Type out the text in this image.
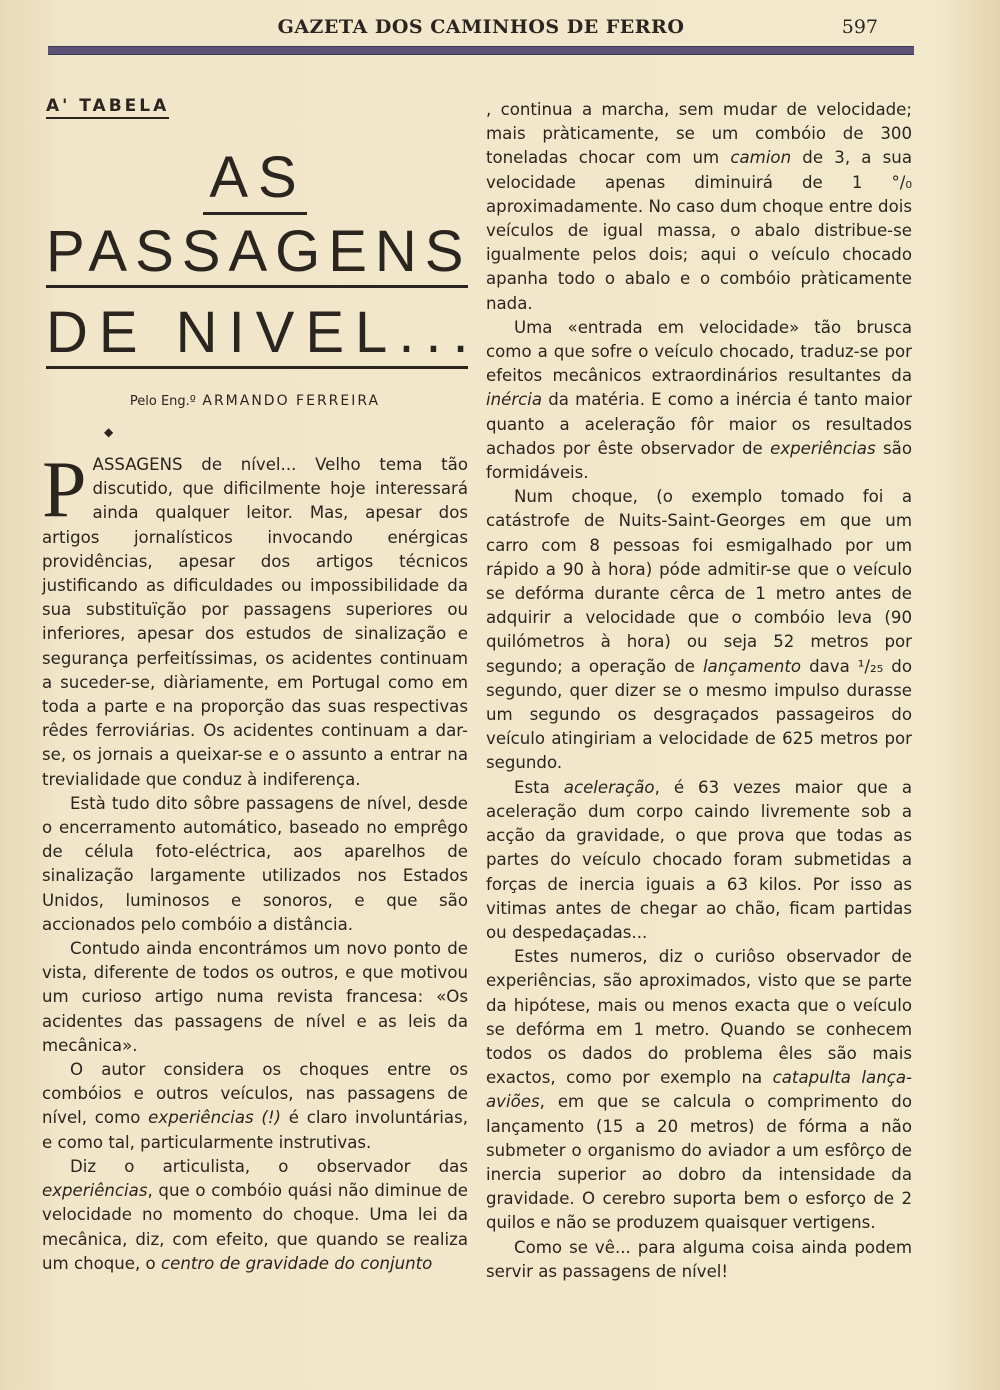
GAZETA DOS CAMINHOS DE FERRO	597
A' TABELA
AS
PASSAGENS
DE NIVEL...
Pelo Eng.º ARMANDO FERREIRA
◆

PASSAGENS de nível... Velho tema tão discutido, que dificilmente hoje interessará ainda qualquer leitor. Mas, apesar dos artigos jornalísticos invocando enérgicas providências, apesar dos artigos técnicos justificando as dificuldades ou impossibilidade da sua substituïção por passagens superiores ou inferiores, apesar dos estudos de sinalização e segurança perfeitíssimas, os acidentes continuam a suceder-se, diàriamente, em Portugal como em toda a parte e na proporção das suas respectivas rêdes ferroviárias. Os acidentes continuam a dar-se, os jornais a queixar-se e o assunto a entrar na trevialidade que conduz à indiferença.

Està tudo dito sôbre passagens de nível, desde o encerramento automático, baseado no emprêgo de célula foto-eléctrica, aos aparelhos de sinalização largamente utilizados nos Estados Unidos, luminosos e sonoros, e que são accionados pelo combóio a distância.

Contudo ainda encontrámos um novo ponto de vista, diferente de todos os outros, e que motivou um curioso artigo numa revista francesa: «Os acidentes das passagens de nível e as leis da mecânica».

O autor considera os choques entre os combóios e outros veículos, nas passagens de nível, como experiências (!) é claro involuntárias, e como tal, particularmente instrutivas.

Diz o articulista, o observador das experiências, que o combóio quási não diminue de velocidade no momento do choque. Uma lei da mecânica, diz, com efeito, que quando se realiza um choque, o centro de gravidade do conjunto

, continua a marcha, sem mudar de velocidade; mais pràticamente, se um combóio de 300 toneladas chocar com um camion de 3, a sua velocidade apenas diminuirá de 1 °/₀ aproximadamente. No caso dum choque entre dois veículos de igual massa, o abalo distribue-se igualmente pelos dois; aqui o veículo chocado apanha todo o abalo e o combóio pràticamente nada.

Uma «entrada em velocidade» tão brusca como a que sofre o veículo chocado, traduz-se por efeitos mecânicos extraordinários resultantes da inércia da matéria. E como a inércia é tanto maior quanto a aceleração fôr maior os resultados achados por êste observador de experiências são formidáveis.

Num choque, (o exemplo tomado foi a catástrofe de Nuits-Saint-Georges em que um carro com 8 pessoas foi esmigalhado por um rápido a 90 à hora) póde admitir-se que o veículo se defórma durante cêrca de 1 metro antes de adquirir a velocidade que o combóio leva (90 quilómetros à hora) ou seja 52 metros por segundo; a operação de lançamento dava ¹/₂₅ do segundo, quer dizer se o mesmo impulso durasse um segundo os desgraçados passageiros do veículo atingiriam a velocidade de 625 metros por segundo.

Esta aceleração, é 63 vezes maior que a aceleração dum corpo caindo livremente sob a acção da gravidade, o que prova que todas as partes do veículo chocado foram submetidas a forças de inercia iguais a 63 kilos. Por isso as vitimas antes de chegar ao chão, ficam partidas ou despedaçadas...

Estes numeros, diz o curiôso observador de experiências, são aproximados, visto que se parte da hipótese, mais ou menos exacta que o veículo se defórma em 1 metro. Quando se conhecem todos os dados do problema êles são mais exactos, como por exemplo na catapulta lança-aviões, em que se calcula o comprimento do lançamento (15 a 20 metros) de fórma a não submeter o organismo do aviador a um esfôrço de inercia superior ao dobro da intensidade da gravidade. O cerebro suporta bem o esforço de 2 quilos e não se produzem quaisquer vertigens.

Como se vê... para alguma coisa ainda podem servir as passagens de nível!
